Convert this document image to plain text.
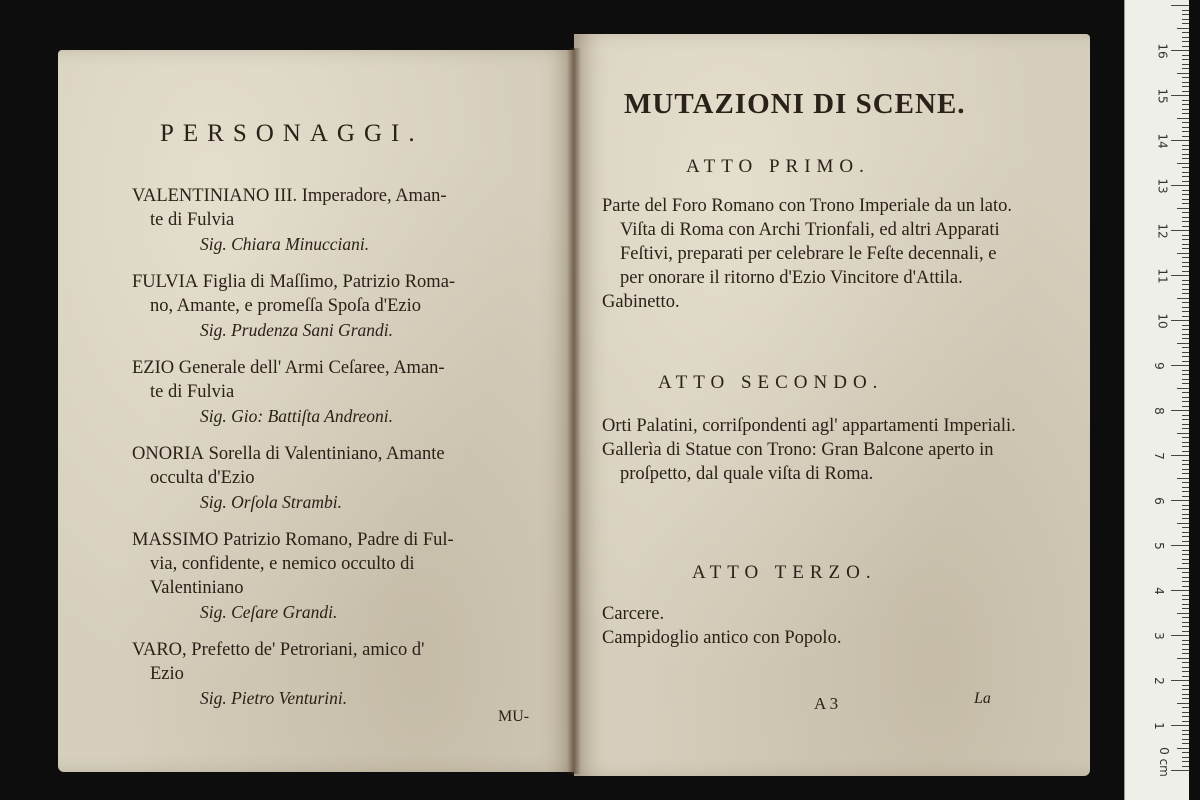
PERSONAGGI.
VALENTINIANO III. Imperadore, Aman-
te di Fulvia
Sig. Chiara Minucciani.
FULVIA Figlia di Maſſimo, Patrizio Roma-
no, Amante, e promeſſa Spoſa d'Ezio
Sig. Prudenza Sani Grandi.
EZIO Generale dell' Armi Ceſaree, Aman-
te di Fulvia
Sig. Gio: Battiſta Andreoni.
ONORIA Sorella di Valentiniano, Amante
occulta d'Ezio
Sig. Orſola Strambi.
MASSIMO Patrizio Romano, Padre di Ful-
via, confidente, e nemico occulto di
Valentiniano
Sig. Ceſare Grandi.
VARO, Prefetto de' Petroriani, amico d'
Ezio
Sig. Pietro Venturini.
MU-
MUTAZIONI DI SCENE.
ATTO PRIMO.

Parte del Foro Romano con Trono Imperiale da un lato. Viſta di Roma con Archi Trionfali, ed altri Apparati Feſtivi, preparati per celebrare le Feſte decennali, e per onorare il ritorno d'Ezio Vincitore d'Attila.

Gabinetto.

ATTO SECONDO.

Orti Palatini, corriſpondenti agl' appartamenti Imperiali.

Gallerìa di Statue con Trono: Gran Balcone aperto in proſpetto, dal quale viſta di Roma.

ATTO TERZO.

Carcere.

Campidoglio antico con Popolo.

A 3	La
0 cm
1
2
3
4
5
6
7
8
9
10
11
12
13
14
15
16
